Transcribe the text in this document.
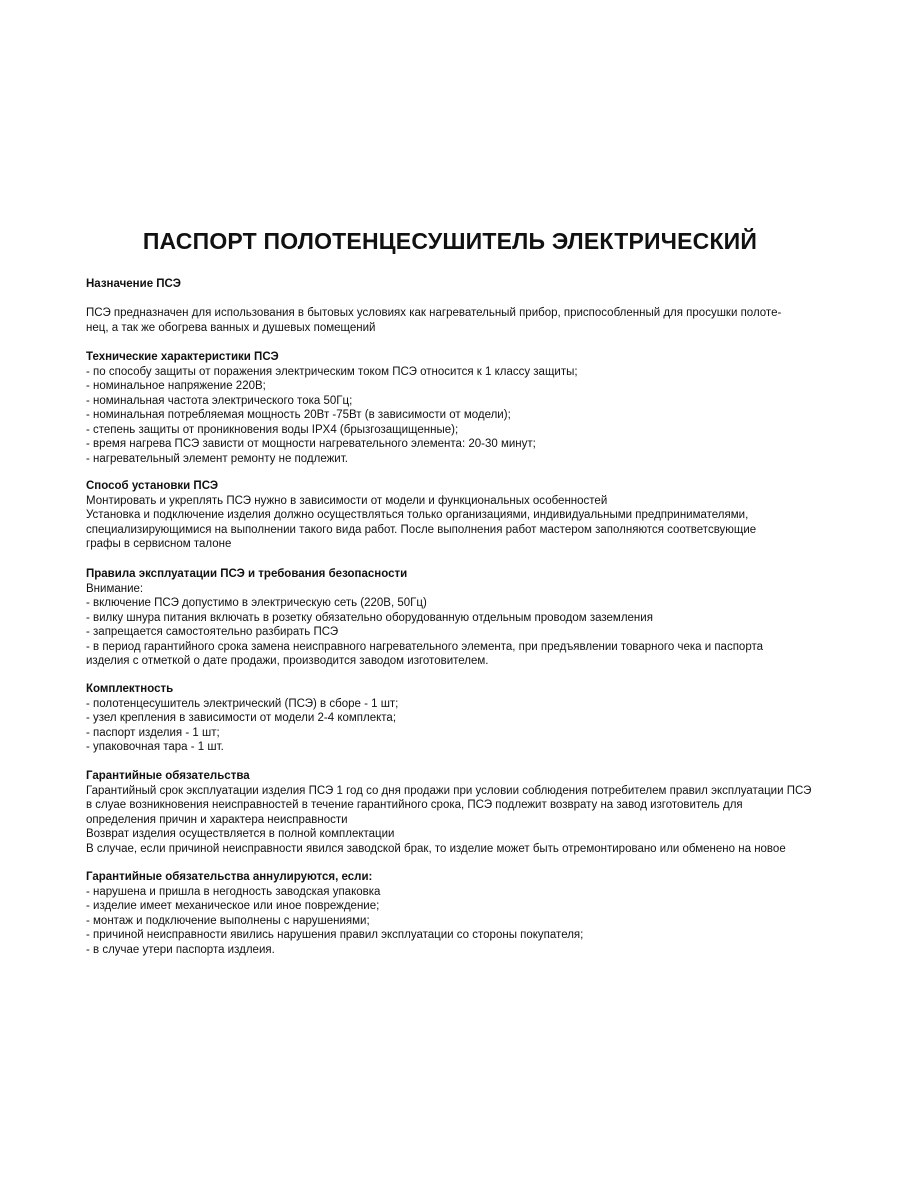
ПАСПОРТ ПОЛОТЕНЦЕСУШИТЕЛЬ ЭЛЕКТРИЧЕСКИЙ
Назначение ПСЭ
ПСЭ предназначен для использования в бытовых условиях как нагревательный прибор, приспособленный для просушки полоте-
нец, а так же обогрева ванных и душевых помещений
Технические характеристики ПСЭ
- по способу защиты от поражения электрическим током ПСЭ относится к 1 классу защиты;
- номинальное напряжение 220В;
- номинальная частота электрического тока 50Гц;
- номинальная потребляемая мощность 20Вт -75Вт (в зависимости от модели);
- степень защиты от проникновения воды IPX4 (брызгозащищенные);
- время нагрева ПСЭ зависти от мощности нагревательного элемента: 20-30 минут;
- нагревательный элемент ремонту не подлежит.
Способ установки ПСЭ
Монтировать и укреплять ПСЭ нужно в зависимости от модели и функциональных особенностей
Установка и подключение изделия должно осуществляться только организациями, индивидуальными предпринимателями,
специализирующимися на выполнении такого вида работ. После выполнения работ мастером заполняются соответсвующие
графы в сервисном талоне
Правила эксплуатации ПСЭ и требования безопасности
Внимание:
- включение ПСЭ допустимо в электрическую сеть (220В, 50Гц)
- вилку шнура питания включать в розетку обязательно оборудованную отдельным проводом заземления
- запрещается самостоятельно разбирать ПСЭ
- в период гарантийного срока замена неисправного нагревательного элемента, при предъявлении товарного чека и паспорта
изделия с отметкой о дате продажи, производится заводом изготовителем.
Комплектность
- полотенцесушитель электрический (ПСЭ) в сборе - 1 шт;
- узел крепления в зависимости от модели 2-4 комплекта;
- паспорт изделия - 1 шт;
- упаковочная тара - 1 шт.
Гарантийные обязательства
Гарантийный срок эксплуатации изделия ПСЭ 1 год со дня продажи при условии соблюдения потребителем правил эксплуатации ПСЭ
в слуае возникновения неисправностей в течение гарантийного срока, ПСЭ подлежит возврату на завод изготовитель для
определения причин и характера неисправности
Возврат изделия осуществляется в полной комплектации
В случае, если причиной неисправности явился заводской брак, то изделие может быть отремонтировано или обменено на новое
Гарантийные обязательства аннулируются, если:
- нарушена и пришла в негодность заводская упаковка
- изделие имеет механическое или иное повреждение;
- монтаж и подключение выполнены с нарушениями;
- причиной неисправности явились нарушения правил эксплуатации со стороны покупателя;
- в случае утери паспорта издлеия.
